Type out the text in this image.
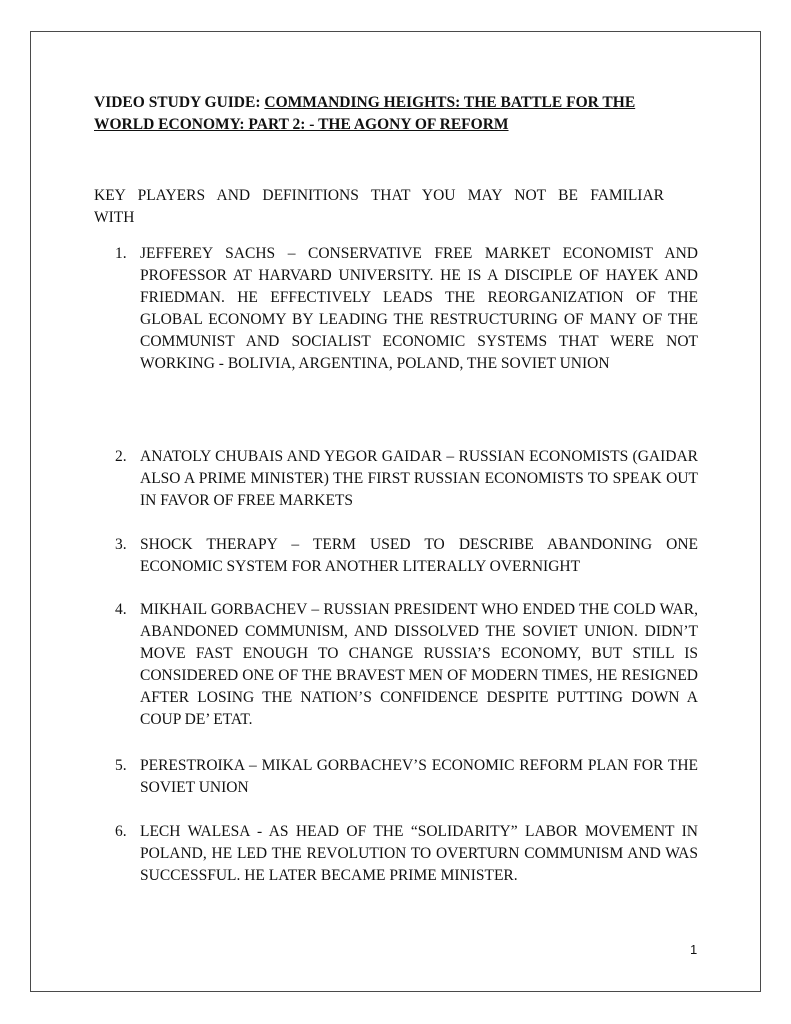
VIDEO STUDY GUIDE: COMMANDING HEIGHTS: THE BATTLE FOR THE
WORLD ECONOMY: PART 2: - THE AGONY OF REFORM

KEY PLAYERS AND DEFINITIONS THAT YOU MAY NOT BE FAMILIAR WITH

1. JEFFEREY SACHS – CONSERVATIVE FREE MARKET ECONOMIST AND PROFESSOR AT HARVARD UNIVERSITY. HE IS A DISCIPLE OF HAYEK AND FRIEDMAN. HE EFFECTIVELY LEADS THE REORGANIZATION OF THE GLOBAL ECONOMY BY LEADING THE RESTRUCTURING OF MANY OF THE COMMUNIST AND SOCIALIST ECONOMIC SYSTEMS THAT WERE NOT WORKING - BOLIVIA, ARGENTINA, POLAND, THE SOVIET UNION
2. ANATOLY CHUBAIS AND YEGOR GAIDAR – RUSSIAN ECONOMISTS (GAIDAR ALSO A PRIME MINISTER) THE FIRST RUSSIAN ECONOMISTS TO SPEAK OUT IN FAVOR OF FREE MARKETS
3. SHOCK THERAPY – TERM USED TO DESCRIBE ABANDONING ONE ECONOMIC SYSTEM FOR ANOTHER LITERALLY OVERNIGHT
4. MIKHAIL GORBACHEV – RUSSIAN PRESIDENT WHO ENDED THE COLD WAR, ABANDONED COMMUNISM, AND DISSOLVED THE SOVIET UNION. DIDN’T MOVE FAST ENOUGH TO CHANGE RUSSIA’S ECONOMY, BUT STILL IS CONSIDERED ONE OF THE BRAVEST MEN OF MODERN TIMES, HE RESIGNED AFTER LOSING THE NATION’S CONFIDENCE DESPITE PUTTING DOWN A COUP DE’ ETAT.
5. PERESTROIKA – MIKAL GORBACHEV’S ECONOMIC REFORM PLAN FOR THE SOVIET UNION
6. LECH WALESA - AS HEAD OF THE “SOLIDARITY” LABOR MOVEMENT IN POLAND, HE LED THE REVOLUTION TO OVERTURN COMMUNISM AND WAS SUCCESSFUL. HE LATER BECAME PRIME MINISTER.
1
